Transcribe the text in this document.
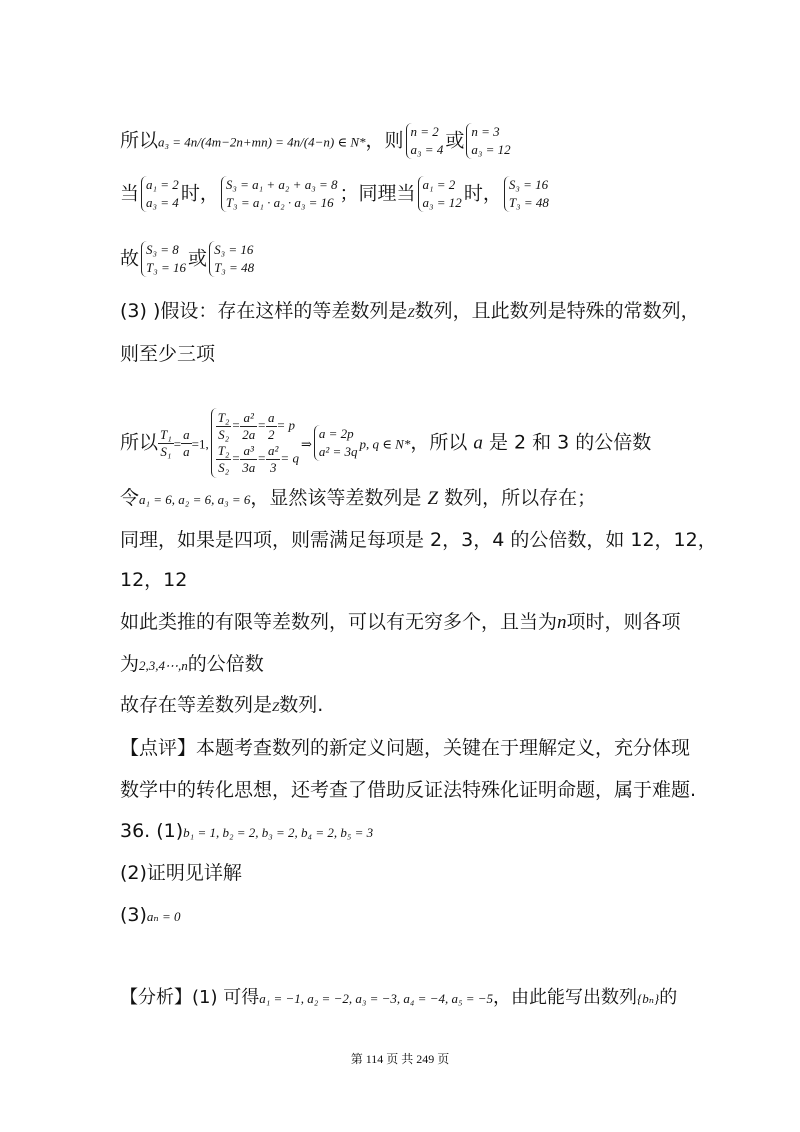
所以a₃ = 4n/(4m−2n+mn) = 4n/(4−n) ∈ N*，则 n = 2
a₃ = 4 或 n = 3
a₃ = 12
当 a₁ = 2
a₃ = 4 时， S₃ = a₁ + a₂ + a₃ = 8
T₃ = a₁ · a₂ · a₃ = 16 ；同理当 a₁ = 2
a₃ = 12 时， S₃ = 16
T₃ = 48
故 S₃ = 8
T₃ = 16 或 S₃ = 16
T₃ = 48
(3) )假设：存在这样的等差数列是Z数列，且此数列是特殊的常数列，
则至少三项
所以 $\frac{\text{T₁}}{\text{S₁}} = \frac{a}{a} =1$,
$\frac{\text{T₂}}{\text{S₂}} = \frac{\text{a²}}{2a} = \frac{a}{2} = p$
$\frac{\text{T₂}}{\text{S₂}} = \frac{\text{a³}}{3a} = \frac{\text{a²}}{3} = q$
⇒
a = 2p
a² = 3q p, q ∈ N*，所以 a 是 2 和 3 的公倍数
令a₁ = 6, a₂ = 6, a₃ = 6，显然该等差数列是 Z 数列，所以存在；
同理，如果是四项，则需满足每项是 2，3，4 的公倍数，如 12，12，
12，12
如此类推的有限等差数列，可以有无穷多个，且当为n项时，则各项
为2,3,4⋯,n的公倍数
故存在等差数列是Z数列.
【点评】本题考查数列的新定义问题，关键在于理解定义，充分体现
数学中的转化思想，还考查了借助反证法特殊化证明命题，属于难题.
36. (1)b₁ = 1, b₂ = 2, b₃ = 2, b₄ = 2, b₅ = 3
(2)证明见详解
(3)aₙ = 0
【分析】(1) 可得a₁ = −1, a₂ = −2, a₃ = −3, a₄ = −4, a₅ = −5，由此能写出数列{bₙ}的
第 114 页 共 249 页
